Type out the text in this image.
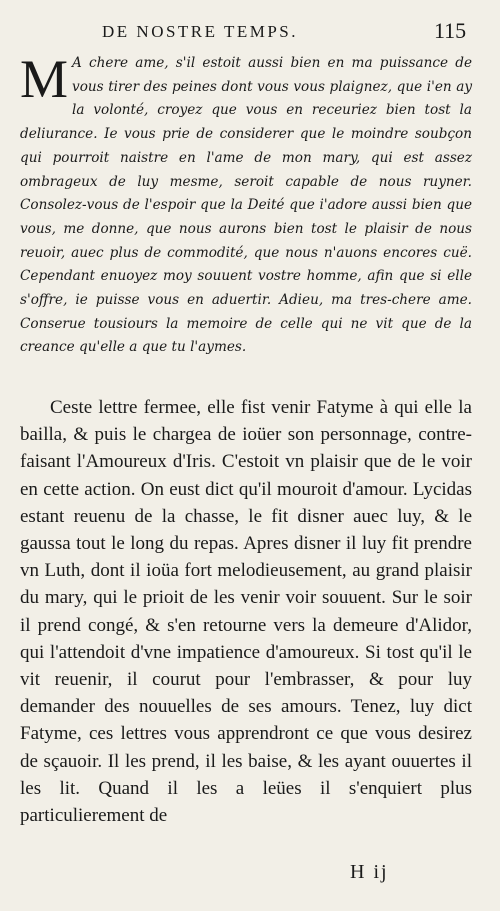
DE NOSTRE TEMPS.	115
M A chere ame, s'il estoit aussi bien en ma puissance de vous tirer des peines dont vous vous plaignez, que i'en ay la volonté, croyez que vous en receuriez bien tost la deliurance. Ie vous prie de considerer que le moindre soubçon qui pourroit naistre en l'ame de mon mary, qui est assez ombrageux de luy mesme, seroit capable de nous ruyner. Consolez-vous de l'espoir que la Deité que i'adore aussi bien que vous, me donne, que nous aurons bien tost le plaisir de nous reuoir, auec plus de commodité, que nous n'auons encores cuë. Cependant enuoyez moy souuent vostre homme, afin que si elle s'offre, ie puisse vous en aduertir. Adieu, ma tres-chere ame. Conserue tousiours la memoire de celle qui ne vit que de la creance qu'elle a que tu l'aymes.

Ceste lettre fermee, elle fist venir Fatyme à qui elle la bailla, & puis le chargea de ioüer son personnage, contre-faisant l'Amoureux d'Iris. C'estoit vn plaisir que de le voir en cette action. On eust dict qu'il mouroit d'amour. Lycidas estant reuenu de la chasse, le fit disner auec luy, & le gaussa tout le long du repas. Apres disner il luy fit prendre vn Luth, dont il ioüa fort melodieusement, au grand plaisir du mary, qui le prioit de les venir voir souuent. Sur le soir il prend congé, & s'en retourne vers la demeure d'Alidor, qui l'attendoit d'vne impatience d'amoureux. Si tost qu'il le vit reuenir, il courut pour l'embrasser, & pour luy demander des nouuelles de ses amours. Tenez, luy dict Fatyme, ces lettres vous apprendront ce que vous desirez de sçauoir. Il les prend, il les baise, & les ayant ouuertes il les lit. Quand il les a leües il s'enquiert plus particulierement de

H ij
